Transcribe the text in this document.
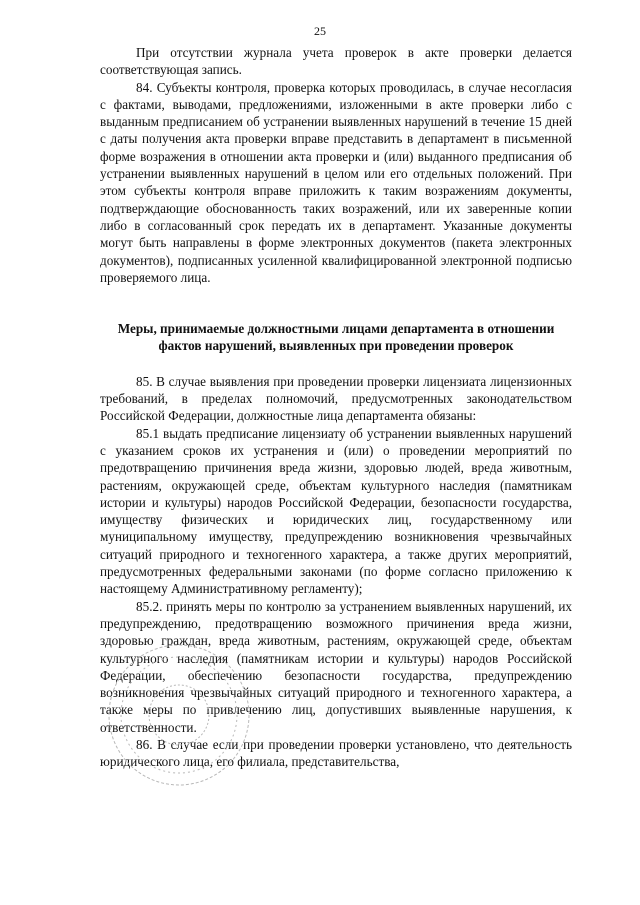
25

При отсутствии журнала учета проверок в акте проверки делается соответствующая запись.

84. Субъекты контроля, проверка которых проводилась, в случае несогласия с фактами, выводами, предложениями, изложенными в акте проверки либо с выданным предписанием об устранении выявленных нарушений в течение 15 дней с даты получения акта проверки вправе представить в департамент в письменной форме возражения в отношении акта проверки и (или) выданного предписания об устранении выявленных нарушений в целом или его отдельных положений. При этом субъекты контроля вправе приложить к таким возражениям документы, подтверждающие обоснованность таких возражений, или их заверенные копии либо в согласованный срок передать их в департамент. Указанные документы могут быть направлены в форме электронных документов (пакета электронных документов), подписанных усиленной квалифицированной электронной подписью проверяемого лица.

Меры, принимаемые должностными лицами департамента в отношении фактов нарушений, выявленных при проведении проверок

85. В случае выявления при проведении проверки лицензиата лицензионных требований, в пределах полномочий, предусмотренных законодательством Российской Федерации, должностные лица департамента обязаны:

85.1 выдать предписание лицензиату об устранении выявленных нарушений с указанием сроков их устранения и (или) о проведении мероприятий по предотвращению причинения вреда жизни, здоровью людей, вреда животным, растениям, окружающей среде, объектам культурного наследия (памятникам истории и культуры) народов Российской Федерации, безопасности государства, имуществу физических и юридических лиц, государственному или муниципальному имуществу, предупреждению возникновения чрезвычайных ситуаций природного и техногенного характера, а также других мероприятий, предусмотренных федеральными законами (по форме согласно приложению к настоящему Административному регламенту);

85.2. принять меры по контролю за устранением выявленных нарушений, их предупреждению, предотвращению возможного причинения вреда жизни, здоровью граждан, вреда животным, растениям, окружающей среде, объектам культурного наследия (памятникам истории и культуры) народов Российской Федерации, обеспечению безопасности государства, предупреждению возникновения чрезвычайных ситуаций природного и техногенного характера, а также меры по привлечению лиц, допустивших выявленные нарушения, к ответственности.

86. В случае если при проведении проверки установлено, что деятельность юридического лица, его филиала, представительства,
